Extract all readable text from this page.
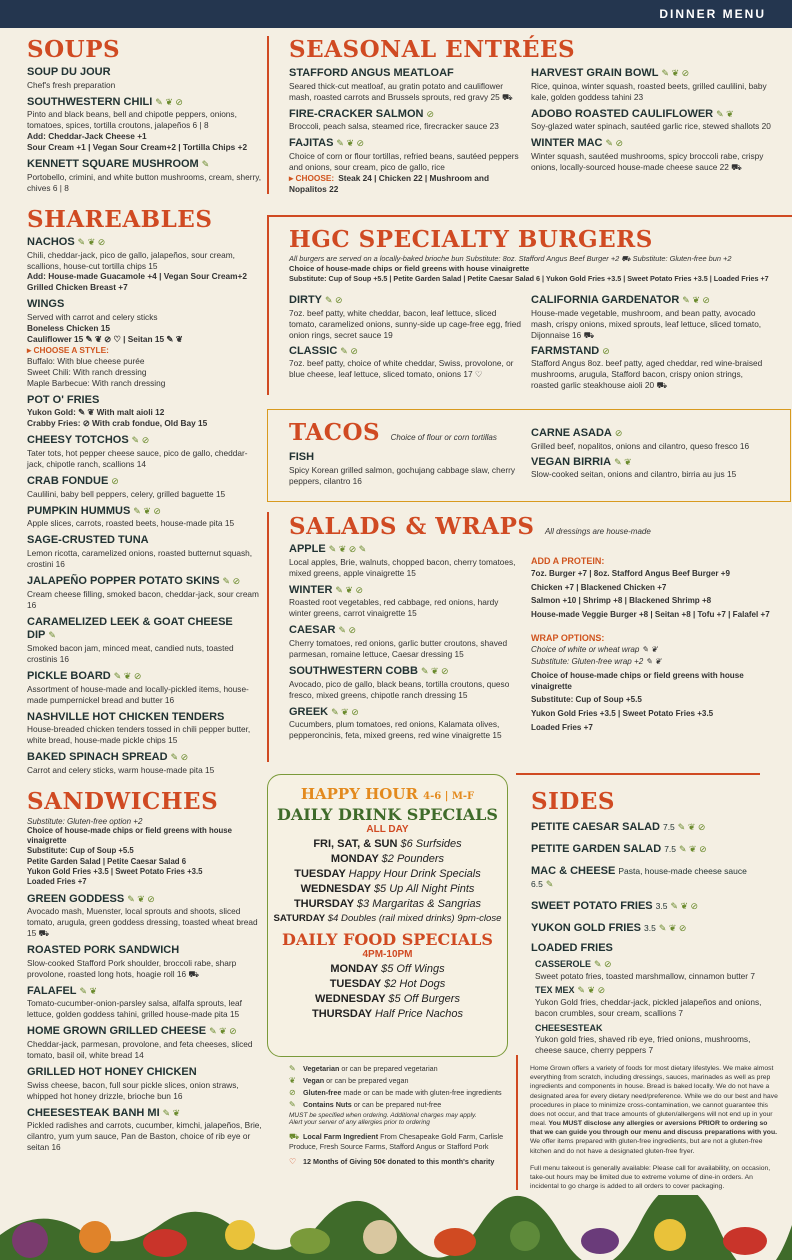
DINNER MENU
SOUPS
SOUP DU JOUR
Chef's fresh preparation
SOUTHWESTERN CHILI ✎ ❦ ⊘
Pinto and black beans, bell and chipotle peppers, onions, tomatoes, spices, tortilla croutons, jalapeños 6 | 8
Add: Cheddar-Jack Cheese +1
Sour Cream +1 | Vegan Sour Cream+2 | Tortilla Chips +2
KENNETT SQUARE MUSHROOM ✎
Portobello, crimini, and white button mushrooms, cream, sherry, chives 6 | 8
SHAREABLES
NACHOS ✎ ❦ ⊘
Chili, cheddar-jack, pico de gallo, jalapeños, sour cream, scallions, house-cut tortilla chips 15
Add: House-made Guacamole +4 | Vegan Sour Cream+2
Grilled Chicken Breast +7
WINGS
Served with carrot and celery sticks
Boneless Chicken 15
Cauliflower 15 ✎ ❦ ⊘ ♡ | Seitan 15 ✎ ❦
▸ CHOOSE A STYLE:
Buffalo: With blue cheese purée
Sweet Chili: With ranch dressing
Maple Barbecue: With ranch dressing
POT O' FRIES
Yukon Gold: ✎ ❦ With malt aioli 12
Crabby Fries: ⊘ With crab fondue, Old Bay 15
CHEESY TOTCHOS ✎ ⊘
Tater tots, hot pepper cheese sauce, pico de gallo, cheddar-jack, chipotle ranch, scallions 14
CRAB FONDUE ⊘
Caulilini, baby bell peppers, celery, grilled baguette 15
PUMPKIN HUMMUS ✎ ❦ ⊘
Apple slices, carrots, roasted beets, house-made pita 15
SAGE-CRUSTED TUNA
Lemon ricotta, caramelized onions, roasted butternut squash, crostini 16
JALAPEÑO POPPER POTATO SKINS ✎ ⊘
Cream cheese filling, smoked bacon, cheddar-jack, sour cream 16
CARAMELIZED LEEK & GOAT CHEESE DIP ✎
Smoked bacon jam, minced meat, candied nuts, toasted crostinis 16
PICKLE BOARD ✎ ❦ ⊘
Assortment of house-made and locally-pickled items, house-made pumpernickel bread and butter 16
NASHVILLE HOT CHICKEN TENDERS
House-breaded chicken tenders tossed in chili pepper butter, white bread, house-made pickle chips 15
BAKED SPINACH SPREAD ✎ ⊘
Carrot and celery sticks, warm house-made pita 15
SANDWICHES
Substitute: Gluten-free option +2
Choice of house-made chips or field greens with house vinaigrette
Substitute: Cup of Soup +5.5
Petite Garden Salad | Petite Caesar Salad 6
Yukon Gold Fries +3.5 | Sweet Potato Fries +3.5
Loaded Fries +7
GREEN GODDESS ✎ ❦ ⊘
Avocado mash, Muenster, local sprouts and shoots, sliced tomato, arugula, green goddess dressing, toasted wheat bread 15 ⛟
ROASTED PORK SANDWICH
Slow-cooked Stafford Pork shoulder, broccoli rabe, sharp provolone, roasted long hots, hoagie roll 16 ⛟
FALAFEL ✎ ❦
Tomato-cucumber-onion-parsley salsa, alfalfa sprouts, leaf lettuce, golden goddess tahini, grilled house-made pita 15
HOME GROWN GRILLED CHEESE ✎ ❦ ⊘
Cheddar-jack, parmesan, provolone, and feta cheeses, sliced tomato, basil oil, white bread 14
GRILLED HOT HONEY CHICKEN
Swiss cheese, bacon, full sour pickle slices, onion straws, whipped hot honey drizzle, brioche bun 16
CHEESESTEAK BANH MI ✎ ❦
Pickled radishes and carrots, cucumber, kimchi, jalapeños, Brie, cilantro, yum yum sauce, Pan de Baston, choice of rib eye or seitan 16
SEASONAL ENTRÉES
STAFFORD ANGUS MEATLOAF
Seared thick-cut meatloaf, au gratin potato and cauliflower mash, roasted carrots and Brussels sprouts, red gravy 25 ⛟
FIRE-CRACKER SALMON ⊘
Broccoli, peach salsa, steamed rice, firecracker sauce 23
FAJITAS ✎ ❦ ⊘
Choice of corn or flour tortillas, refried beans, sautéed peppers and onions, sour cream, pico de gallo, rice
▸ CHOOSE: Steak 24 | Chicken 22 | Mushroom and Nopalitos 22
HARVEST GRAIN BOWL ✎ ❦ ⊘
Rice, quinoa, winter squash, roasted beets, grilled caulilini, baby kale, golden goddess tahini 23
ADOBO ROASTED CAULIFLOWER ✎ ❦
Soy-glazed water spinach, sautéed garlic rice, stewed shallots 20
WINTER MAC ✎ ⊘
Winter squash, sautéed mushrooms, spicy broccoli rabe, crispy onions, locally-sourced house-made cheese sauce 22 ⛟
HGC SPECIALTY BURGERS
All burgers are served on a locally-baked brioche bun Substitute: 8oz. Stafford Angus Beef Burger +2 ⛟ Substitute: Gluten-free bun +2
Choice of house-made chips or field greens with house vinaigrette
Substitute: Cup of Soup +5.5 | Petite Garden Salad | Petite Caesar Salad 6 | Yukon Gold Fries +3.5 | Sweet Potato Fries +3.5 | Loaded Fries +7
DIRTY ✎ ⊘
7oz. beef patty, white cheddar, bacon, leaf lettuce, sliced tomato, caramelized onions, sunny-side up cage-free egg, fried onion rings, secret sauce 19
CLASSIC ✎ ⊘
7oz. beef patty, choice of white cheddar, Swiss, provolone, or blue cheese, leaf lettuce, sliced tomato, onions 17 ♡
CALIFORNIA GARDENATOR ✎ ❦ ⊘
House-made vegetable, mushroom, and bean patty, avocado mash, crispy onions, mixed sprouts, leaf lettuce, sliced tomato, Dijonnaise 16 ⛟
FARMSTAND ⊘
Stafford Angus 8oz. beef patty, aged cheddar, red wine-braised mushrooms, arugula, Stafford bacon, crispy onion strings, roasted garlic steakhouse aioli 20 ⛟
TACOS Choice of flour or corn tortillas
FISH
Spicy Korean grilled salmon, gochujang cabbage slaw, cherry peppers, cilantro 16
CARNE ASADA ⊘
Grilled beef, nopalitos, onions and cilantro, queso fresco 16
VEGAN BIRRIA ✎ ❦
Slow-cooked seitan, onions and cilantro, birria au jus 15
SALADS & WRAPS All dressings are house-made
APPLE ✎ ❦ ⊘ ✎
Local apples, Brie, walnuts, chopped bacon, cherry tomatoes, mixed greens, apple vinaigrette 15
WINTER ✎ ❦ ⊘
Roasted root vegetables, red cabbage, red onions, hardy winter greens, carrot vinaigrette 15
CAESAR ✎ ⊘
Cherry tomatoes, red onions, garlic butter croutons, shaved parmesan, romaine lettuce, Caesar dressing 15
SOUTHWESTERN COBB ✎ ❦ ⊘
Avocado, pico de gallo, black beans, tortilla croutons, queso fresco, mixed greens, chipotle ranch dressing 15
GREEK ✎ ❦ ⊘
Cucumbers, plum tomatoes, red onions, Kalamata olives, pepperoncinis, feta, mixed greens, red wine vinaigrette 15
ADD A PROTEIN:
7oz. Burger +7 | 8oz. Stafford Angus Beef Burger +9
Chicken +7 | Blackened Chicken +7
Salmon +10 | Shrimp +8 | Blackened Shrimp +8
House-made Veggie Burger +8 | Seitan +8 | Tofu +7 | Falafel +7
WRAP OPTIONS:
Choice of white or wheat wrap ✎ ❦
Substitute: Gluten-free wrap +2 ✎ ❦
Choice of house-made chips or field greens with house vinaigrette
Substitute: Cup of Soup +5.5
Yukon Gold Fries +3.5 | Sweet Potato Fries +3.5
Loaded Fries +7
HAPPY HOUR 4-6 | M-F
DAILY DRINK SPECIALS
ALL DAY
FRI, SAT, & SUN $6 Surfsides
MONDAY $2 Pounders
TUESDAY Happy Hour Drink Specials
WEDNESDAY $5 Up All Night Pints
THURSDAY $3 Margaritas & Sangrias
SATURDAY $4 Doubles (rail mixed drinks) 9pm-close
DAILY FOOD SPECIALS
4PM-10PM
MONDAY $5 Off Wings
TUESDAY $2 Hot Dogs
WEDNESDAY $5 Off Burgers
THURSDAY Half Price Nachos
SIDES
PETITE CAESAR SALAD 7.5 ✎ ❦ ⊘
PETITE GARDEN SALAD 7.5 ✎ ❦ ⊘
MAC & CHEESE Pasta, house-made cheese sauce 6.5 ✎
SWEET POTATO FRIES 3.5 ✎ ❦ ⊘
YUKON GOLD FRIES 3.5 ✎ ❦ ⊘
LOADED FRIES
CASSEROLE ✎ ⊘
Sweet potato fries, toasted marshmallow, cinnamon butter 7
TEX MEX ✎ ❦ ⊘
Yukon Gold fries, cheddar-jack, pickled jalapeños and onions, bacon crumbles, sour cream, scallions 7
CHEESESTEAK
Yukon gold fries, shaved rib eye, fried onions, mushrooms, cheese sauce, cherry peppers 7
✎ Vegetarian or can be prepared vegetarian
❦ Vegan or can be prepared vegan
⊘ Gluten-free made or can be made with gluten-free ingredients
✎ Contains Nuts or can be prepared nut-free
MUST be specified when ordering. Additional charges may apply.
Alert your server of any allergies prior to ordering
⛟ Local Farm Ingredient From Chesapeake Gold Farm, Carlisle Produce, Fresh Source Farms, Stafford Angus or Stafford Pork
♡ 12 Months of Giving 50¢ donated to this month's charity

Home Grown offers a variety of foods for most dietary lifestyles. We make almost everything from scratch, including dressings, sauces, marinades as well as prep ingredients and components in house. Bread is baked locally. We do not have a designated area for every dietary need/preference. While we do our best and have procedures in place to minimize cross-contamination, we cannot guarantee this does not occur, and that trace amounts of gluten/allergens will not end up in your meal. You MUST disclose any allergies or aversions PRIOR to ordering so that we can guide you through our menu and discuss preparations with you. We offer items prepared with gluten-free ingredients, but are not a gluten-free kitchen and do not have a designated gluten-free fryer.

Full menu takeout is generally available: Please call for availability, on occasion, take-out hours may be limited due to extreme volume of dine-in orders. An incidental to go charge is added to all orders to cover packaging.
